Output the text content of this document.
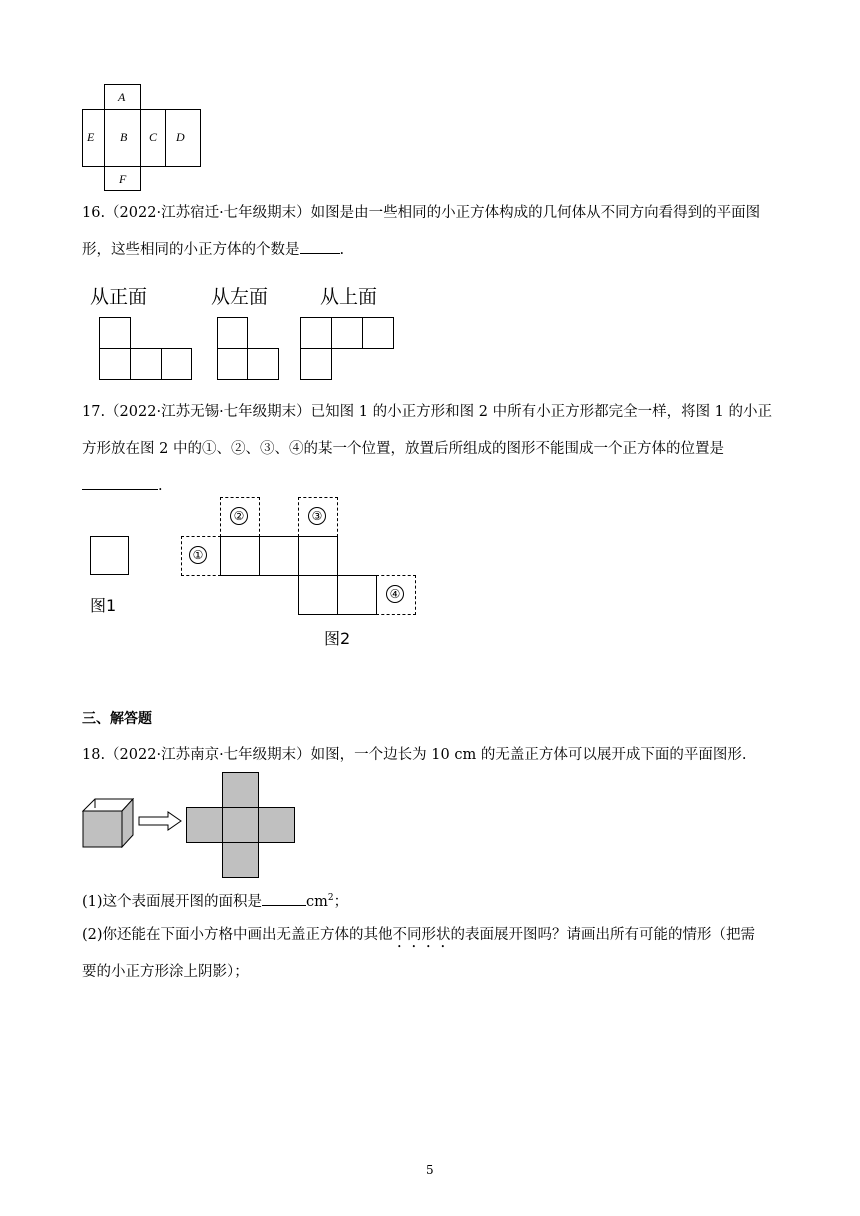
A
E B C D
F
16.（2022·江苏宿迁·七年级期末）如图是由一些相同的小正方体构成的几何体从不同方向看得到的平面图
形，这些相同的小正方体的个数是	.
从正面	从左面	从上面
17.（2022·江苏无锡·七年级期末）已知图 1 的小正方形和图 2 中所有小正方形都完全一样，将图 1 的小正
方形放在图 2 中的①、②、③、④的某一个位置，放置后所组成的图形不能围成一个正方体的位置是
.
图1
①
②	③
④
图2
三、解答题
18.（2022·江苏南京·七年级期末）如图，一个边长为 10 cm 的无盖正方体可以展开成下面的平面图形.
(1)这个表面展开图的面积是	$cm^2$；
(2)你还能在下面小方格中画出无盖正方体的其他不同形状的表面展开图吗？请画出所有可能的情形（把需
要的小正方形涂上阴影）；
5
